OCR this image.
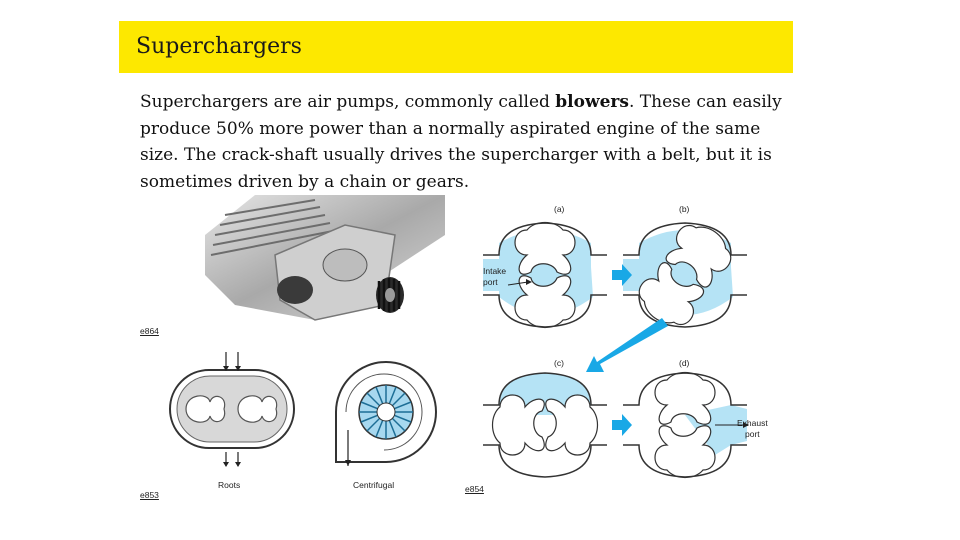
Superchargers
Superchargers are air pumps, commonly called blowers. These can easily produce 50% more power than a normally aspirated engine of the same size. The crack-shaft usually drives the supercharger with a belt, but it is sometimes driven by a chain or gears.
e864
Roots	Centrifugal
e853
(a)	(b)
(c)	(d)
Intake
port
Exhaust
port
e854
